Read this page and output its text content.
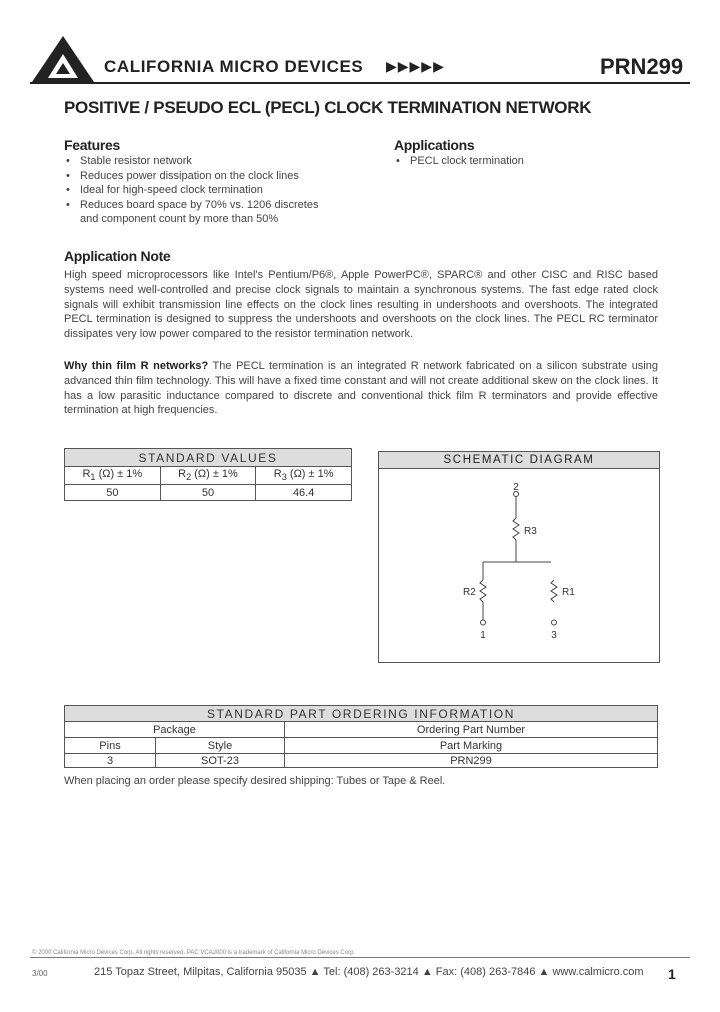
CALIFORNIA MICRO DEVICES ▶▶▶▶▶	PRN299
POSITIVE / PSEUDO ECL (PECL) CLOCK TERMINATION NETWORK
Features
• Stable resistor network
• Reduces power dissipation on the clock lines
• Ideal for high-speed clock termination
• Reduces board space by 70% vs. 1206 discretes
and component count by more than 50%
Applications
• PECL clock termination
Application Note
High speed microprocessors like Intel's Pentium/P6®, Apple PowerPC®, SPARC® and other CISC and RISC based systems need well-controlled and precise clock signals to maintain a synchronous systems. The fast edge rated clock signals will exhibit transmission line effects on the clock lines resulting in undershoots and overshoots. The integrated PECL termination is designed to suppress the undershoots and overshoots on the clock lines. The PECL RC terminator dissipates very low power compared to the resistor termination network.
Why thin film R networks? The PECL termination is an integrated R network fabricated on a silicon substrate using advanced thin film technology. This will have a fixed time constant and will not create additional skew on the clock lines. It has a low parasitic inductance compared to discrete and conventional thick film R terminators and provide effective termination at high frequencies.
STANDARD VALUES		
$R_1$ (Ω) ± 1%	$R_2$ (Ω) ± 1%	$R_3$ (Ω) ± 1%
50	50	46.4
SCHEMATIC DIAGRAM
2
R3
R2	R1
1	3
STANDARD PART ORDERING INFORMATION		
Package		Ordering Part Number
Pins	Style	Part Marking
3	SOT-23	PRN299
When placing an order please specify desired shipping: Tubes or Tape & Reel.
© 2000 California Micro Devices Corp. All rights reserved. PAC VCA2000 is a trademark of California Micro Devices Corp.
3/00	215 Topaz Street, Milpitas, California 95035 ▲ Tel: (408) 263-3214 ▲ Fax: (408) 263-7846 ▲ www.calmicro.com 1
